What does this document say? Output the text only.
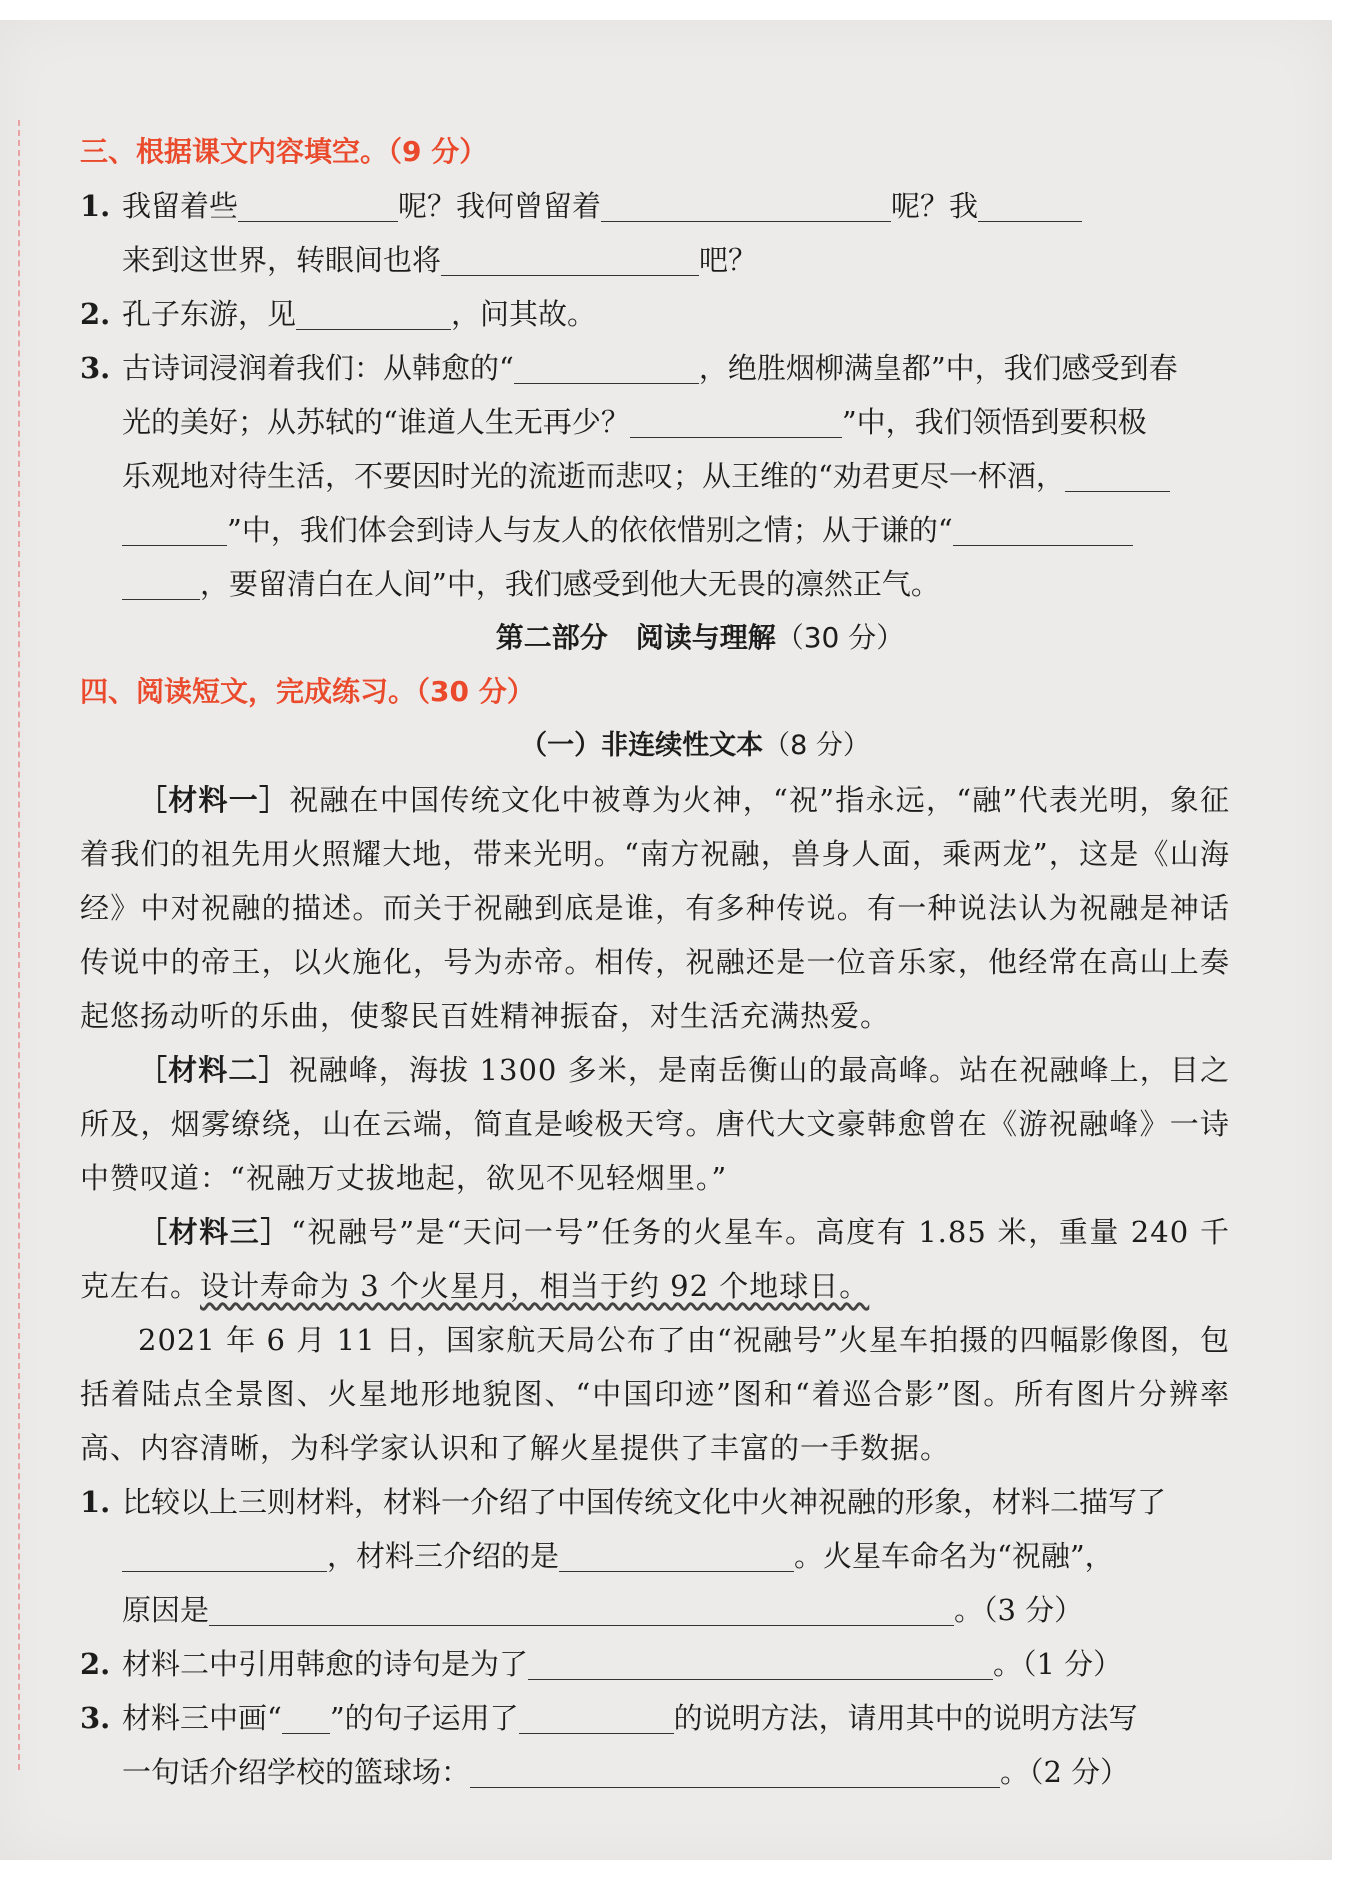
三、根据课文内容填空。（9 分）
1. 我留着些	呢？我何曾留着	呢？我
来到这世界，转眼间也将	吧？
2. 孔子东游，见	，问其故。
3. 古诗词浸润着我们：从韩愈的“	，绝胜烟柳满皇都”中，我们感受到春
光的美好；从苏轼的“谁道人生无再少？	”中，我们领悟到要积极
乐观地对待生活，不要因时光的流逝而悲叹；从王维的“劝君更尽一杯酒，
”中，我们体会到诗人与友人的依依惜别之情；从于谦的“
，要留清白在人间”中，我们感受到他大无畏的凛然正气。
第二部分　阅读与理解（30 分）
四、阅读短文，完成练习。（30 分）
（一）非连续性文本（8 分）
［材料一］祝融在中国传统文化中被尊为火神，“祝”指永远，“融”代表光明，象征着我们的祖先用火照耀大地，带来光明。“南方祝融，兽身人面，乘两龙”，这是《山海经》中对祝融的描述。而关于祝融到底是谁，有多种传说。有一种说法认为祝融是神话传说中的帝王，以火施化，号为赤帝。相传，祝融还是一位音乐家，他经常在高山上奏起悠扬动听的乐曲，使黎民百姓精神振奋，对生活充满热爱。
［材料二］祝融峰，海拔 1300 多米，是南岳衡山的最高峰。站在祝融峰上，目之所及，烟雾缭绕，山在云端，简直是峻极天穹。唐代大文豪韩愈曾在《游祝融峰》一诗中赞叹道：“祝融万丈拔地起，欲见不见轻烟里。”
［材料三］“祝融号”是“天问一号”任务的火星车。高度有 1.85 米，重量 240 千克左右。设计寿命为 3 个火星月，相当于约 92 个地球日。
2021 年 6 月 11 日，国家航天局公布了由“祝融号”火星车拍摄的四幅影像图，包括着陆点全景图、火星地形地貌图、“中国印迹”图和“着巡合影”图。所有图片分辨率高、内容清晰，为科学家认识和了解火星提供了丰富的一手数据。
1. 比较以上三则材料，材料一介绍了中国传统文化中火神祝融的形象，材料二描写了
，材料三介绍的是	。火星车命名为“祝融”，
原因是	。（3 分）
2. 材料二中引用韩愈的诗句是为了	。（1 分）
3. 材料三中画“ ”的句子运用了	的说明方法，请用其中的说明方法写
一句话介绍学校的篮球场：	。（2 分）
